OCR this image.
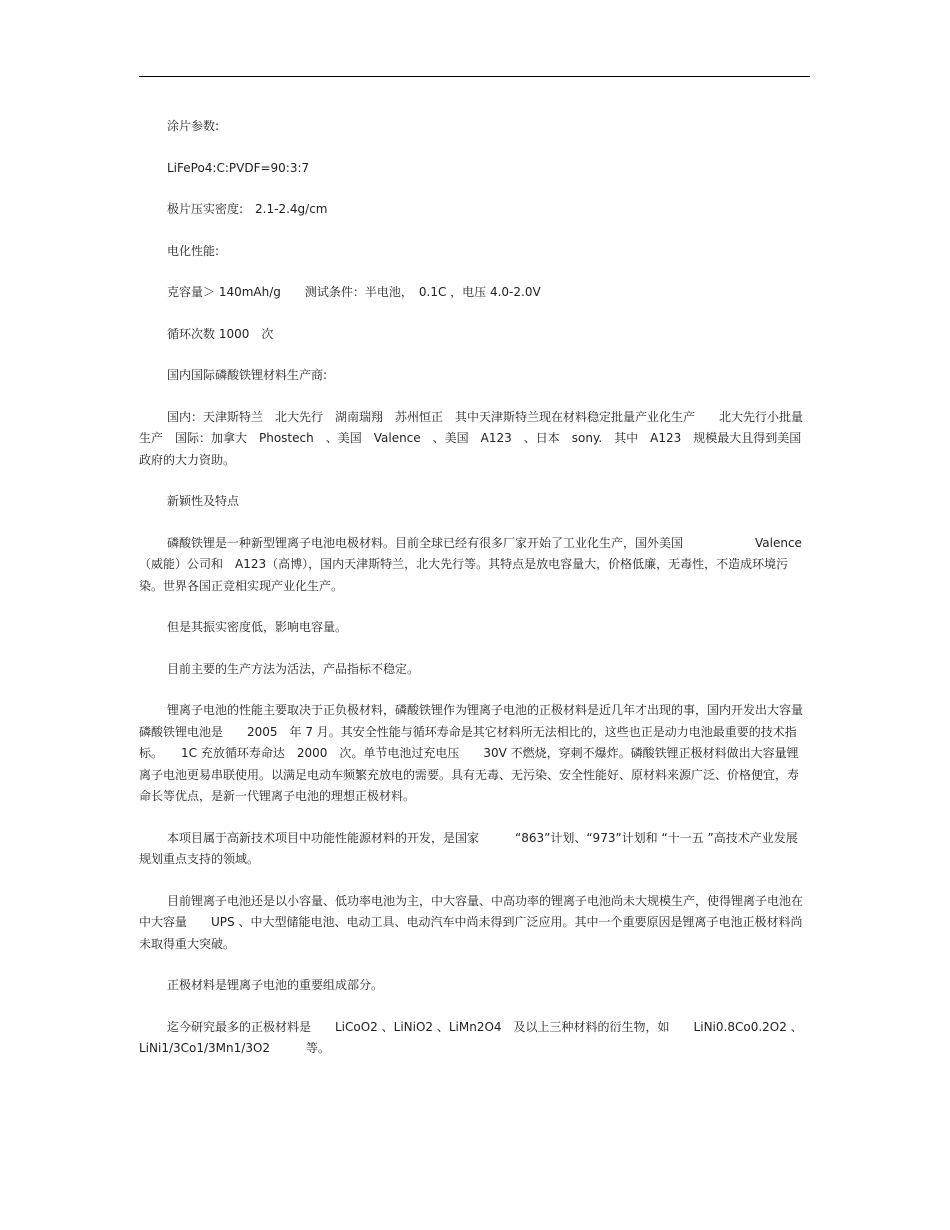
涂片参数:

LiFePo4:C:PVDF=90:3:7

极片压实密度:　2.1-2.4g/cm

电化性能:

克容量＞ 140mAh/g　　测试条件：半电池，　0.1C ，电压 4.0-2.0V

循环次数 1000　次

国内国际磷酸铁锂材料生产商:

国内：天津斯特兰　北大先行　湖南瑞翔　苏州恒正　其中天津斯特兰现在材料稳定批量产业化生产　　北大先行小批量生产　国际：加拿大　Phostech　、美国　Valence　、美国　A123　、日本　sony.　其中　A123　规模最大且得到美国政府的大力资助。

新颖性及特点

磷酸铁锂是一种新型锂离子电池电极材料。目前全球已经有很多厂家开始了工业化生产，国外美国　　　　　　Valence（威能）公司和　A123（高博），国内天津斯特兰，北大先行等。其特点是放电容量大，价格低廉，无毒性，不造成环境污染。世界各国正竞相实现产业化生产。

但是其振实密度低，影响电容量。

目前主要的生产方法为活法，产品指标不稳定。

锂离子电池的性能主要取决于正负极材料，磷酸铁锂作为锂离子电池的正极材料是近几年才出现的事，国内开发出大容量磷酸铁锂电池是　　2005　年 7 月。其安全性能与循环寿命是其它材料所无法相比的，这些也正是动力电池最重要的技术指标。　　1C 充放循环寿命达　2000　次。单节电池过充电压　　30V 不燃烧，穿刺不爆炸。磷酸铁锂正极材料做出大容量锂离子电池更易串联使用。以满足电动车频繁充放电的需要。具有无毒、无污染、安全性能好、原材料来源广泛、价格便宜，寿命长等优点，是新一代锂离子电池的理想正极材料。

本项目属于高新技术项目中功能性能源材料的开发，是国家　　　“863”计划、“973”计划和 “十一五 ”高技术产业发展规划重点支持的领域。

目前锂离子电池还是以小容量、低功率电池为主，中大容量、中高功率的锂离子电池尚未大规模生产，使得锂离子电池在中大容量　　UPS 、中大型储能电池、电动工具、电动汽车中尚未得到广泛应用。其中一个重要原因是锂离子电池正极材料尚未取得重大突破。

正极材料是锂离子电池的重要组成部分。

迄今研究最多的正极材料是　　LiCoO2 、LiNiO2 、LiMn2O4　及以上三种材料的衍生物，如　　LiNi0.8Co0.2O2 、LiNi1/3Co1/3Mn1/3O2　　　等。
